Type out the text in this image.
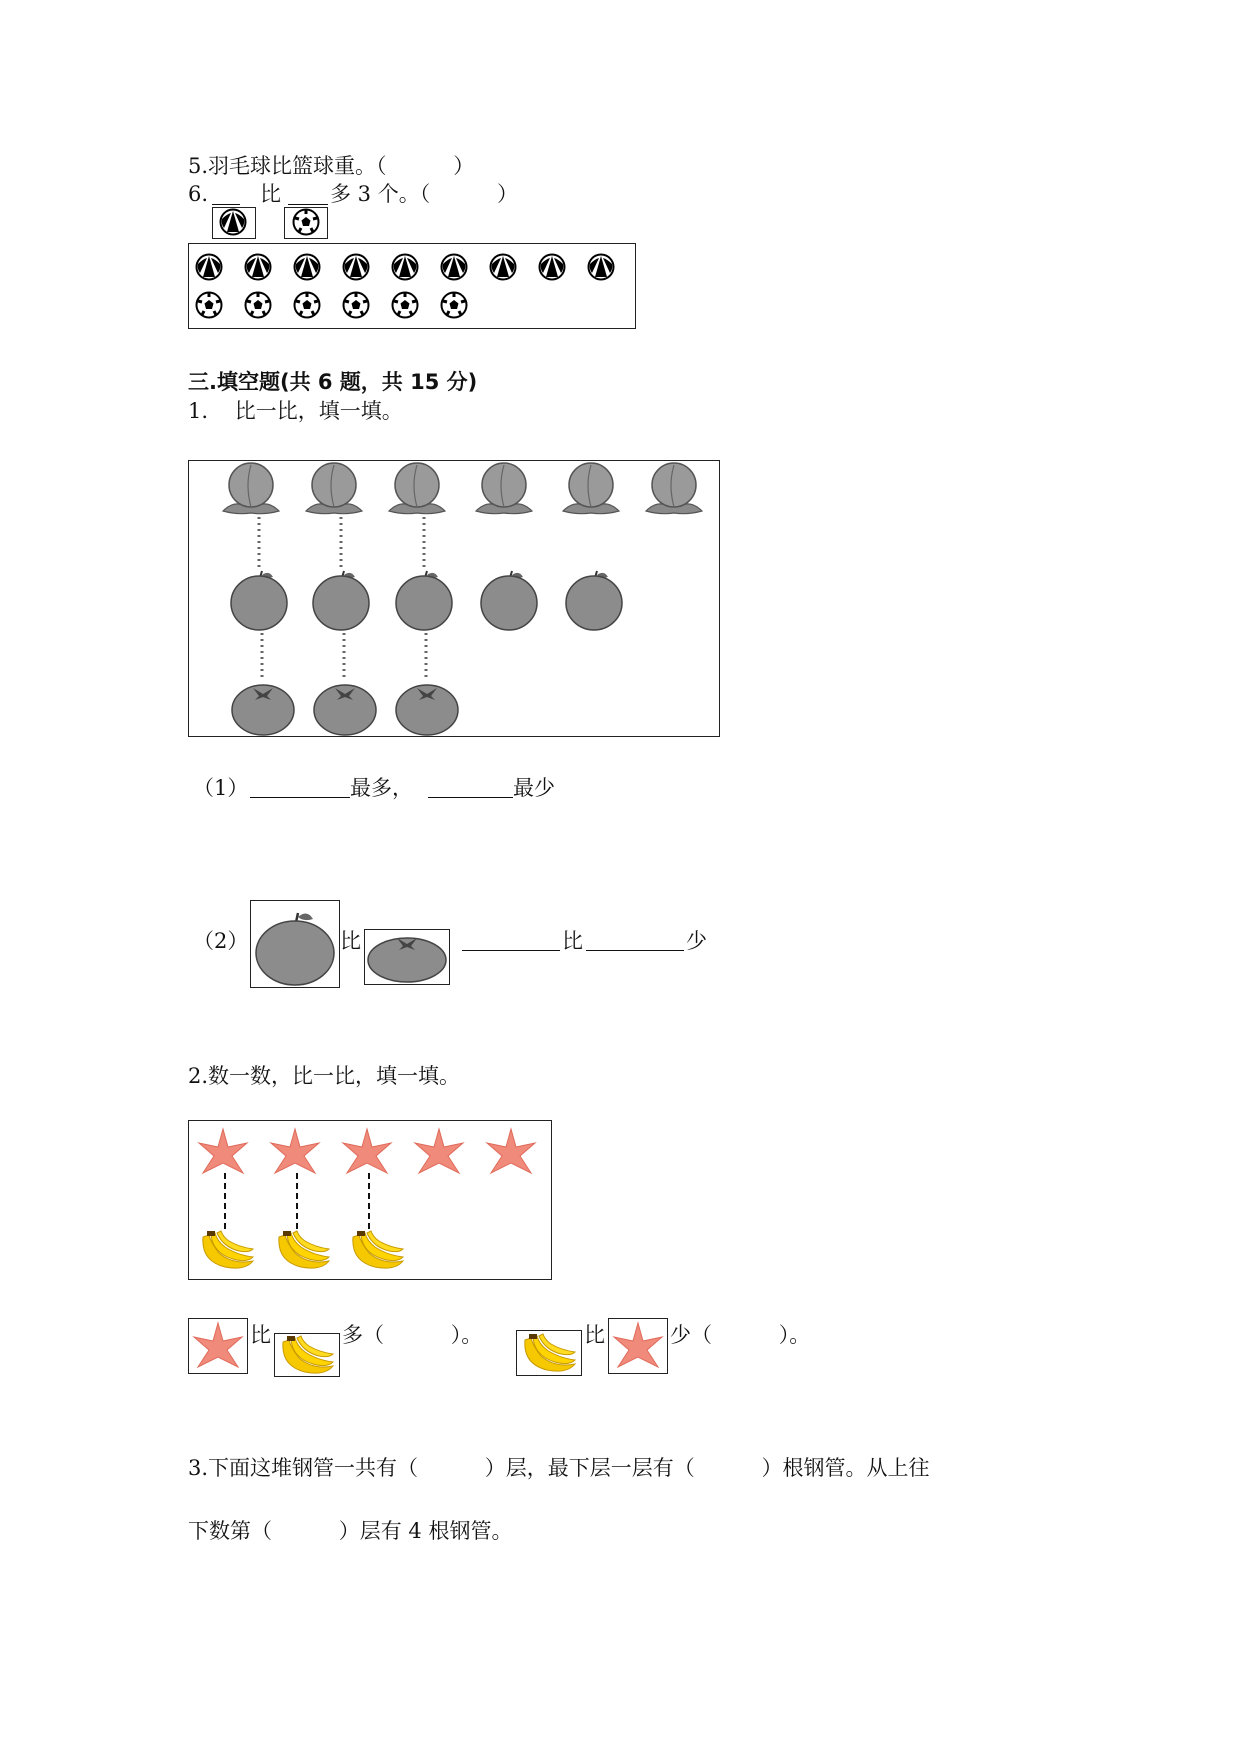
5.羽毛球比篮球重。（          ）
6. 比 多 3 个。（          ）
三.填空题(共 6 题，共 15 分)
1.    比一比，填一填。
（1）	最多，	最少
（2）	比	比	少
2.数一数，比一比，填一填。
比	多（          ）。	比	少（          ）。
3.下面这堆钢管一共有（          ）层，最下层一层有（          ）根钢管。从上往
下数第（          ）层有 4 根钢管。
